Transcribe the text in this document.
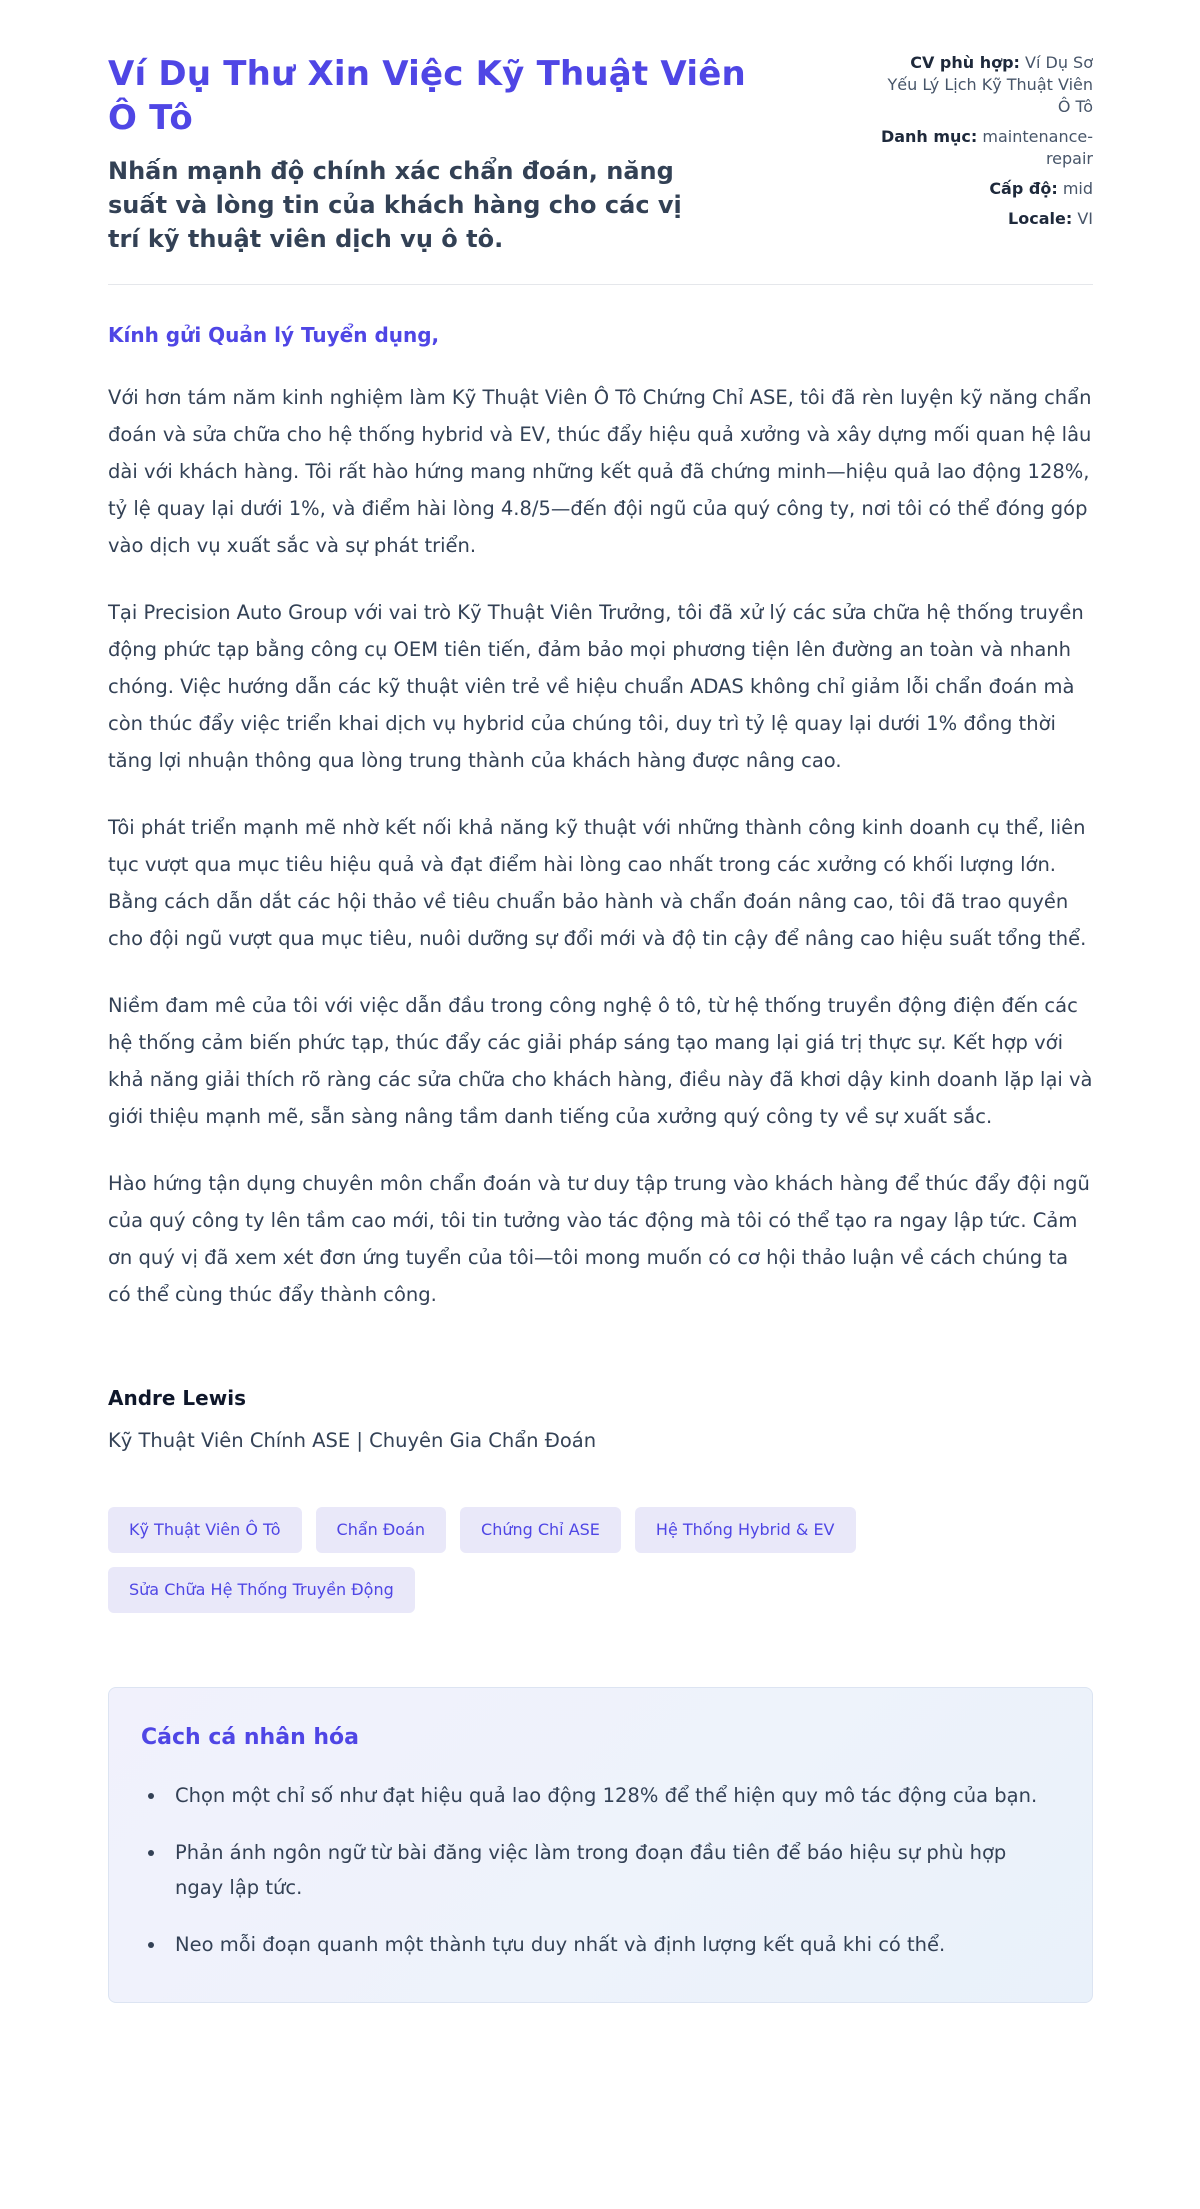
Ví Dụ Thư Xin Việc Kỹ Thuật Viên Ô Tô
Nhấn mạnh độ chính xác chẩn đoán, năng suất và lòng tin của khách hàng cho các vị trí kỹ thuật viên dịch vụ ô tô.
CV phù hợp: Ví Dụ Sơ Yếu Lý Lịch Kỹ Thuật Viên Ô Tô
Danh mục: maintenance-repair
Cấp độ: mid
Locale: VI
Kính gửi Quản lý Tuyển dụng,

Với hơn tám năm kinh nghiệm làm Kỹ Thuật Viên Ô Tô Chứng Chỉ ASE, tôi đã rèn luyện kỹ năng chẩn đoán và sửa chữa cho hệ thống hybrid và EV, thúc đẩy hiệu quả xưởng và xây dựng mối quan hệ lâu dài với khách hàng. Tôi rất hào hứng mang những kết quả đã chứng minh—hiệu quả lao động 128%, tỷ lệ quay lại dưới 1%, và điểm hài lòng 4.8/5—đến đội ngũ của quý công ty, nơi tôi có thể đóng góp vào dịch vụ xuất sắc và sự phát triển.

Tại Precision Auto Group với vai trò Kỹ Thuật Viên Trưởng, tôi đã xử lý các sửa chữa hệ thống truyền động phức tạp bằng công cụ OEM tiên tiến, đảm bảo mọi phương tiện lên đường an toàn và nhanh chóng. Việc hướng dẫn các kỹ thuật viên trẻ về hiệu chuẩn ADAS không chỉ giảm lỗi chẩn đoán mà còn thúc đẩy việc triển khai dịch vụ hybrid của chúng tôi, duy trì tỷ lệ quay lại dưới 1% đồng thời tăng lợi nhuận thông qua lòng trung thành của khách hàng được nâng cao.

Tôi phát triển mạnh mẽ nhờ kết nối khả năng kỹ thuật với những thành công kinh doanh cụ thể, liên tục vượt qua mục tiêu hiệu quả và đạt điểm hài lòng cao nhất trong các xưởng có khối lượng lớn. Bằng cách dẫn dắt các hội thảo về tiêu chuẩn bảo hành và chẩn đoán nâng cao, tôi đã trao quyền cho đội ngũ vượt qua mục tiêu, nuôi dưỡng sự đổi mới và độ tin cậy để nâng cao hiệu suất tổng thể.

Niềm đam mê của tôi với việc dẫn đầu trong công nghệ ô tô, từ hệ thống truyền động điện đến các hệ thống cảm biến phức tạp, thúc đẩy các giải pháp sáng tạo mang lại giá trị thực sự. Kết hợp với khả năng giải thích rõ ràng các sửa chữa cho khách hàng, điều này đã khơi dậy kinh doanh lặp lại và giới thiệu mạnh mẽ, sẵn sàng nâng tầm danh tiếng của xưởng quý công ty về sự xuất sắc.

Hào hứng tận dụng chuyên môn chẩn đoán và tư duy tập trung vào khách hàng để thúc đẩy đội ngũ của quý công ty lên tầm cao mới, tôi tin tưởng vào tác động mà tôi có thể tạo ra ngay lập tức. Cảm ơn quý vị đã xem xét đơn ứng tuyển của tôi—tôi mong muốn có cơ hội thảo luận về cách chúng ta có thể cùng thúc đẩy thành công.

Andre Lewis
Kỹ Thuật Viên Chính ASE | Chuyên Gia Chẩn Đoán
Kỹ Thuật Viên Ô Tô	Chẩn Đoán	Chứng Chỉ ASE	Hệ Thống Hybrid & EV
Sửa Chữa Hệ Thống Truyền Động
Cách cá nhân hóa
• Chọn một chỉ số như đạt hiệu quả lao động 128% để thể hiện quy mô tác động của bạn.
• Phản ánh ngôn ngữ từ bài đăng việc làm trong đoạn đầu tiên để báo hiệu sự phù hợp ngay lập tức.
• Neo mỗi đoạn quanh một thành tựu duy nhất và định lượng kết quả khi có thể.
